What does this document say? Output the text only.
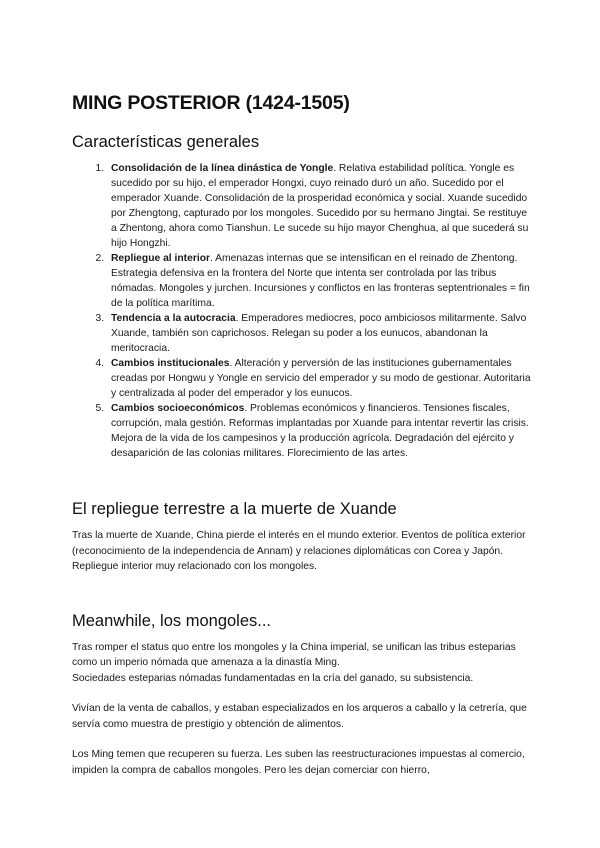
MING POSTERIOR (1424-1505)
Características generales
1. Consolidación de la línea dinástica de Yongle. Relativa estabilidad política. Yongle es sucedido por su hijo, el emperador Hongxi, cuyo reinado duró un año. Sucedido por el emperador Xuande. Consolidación de la prosperidad económica y social. Xuande sucedido por Zhengtong, capturado por los mongoles. Sucedido por su hermano Jingtai. Se restituye a Zhentong, ahora como Tianshun. Le sucede su hijo mayor Chenghua, al que sucederá su hijo Hongzhi.
2. Repliegue al interior. Amenazas internas que se intensifican en el reinado de Zhentong. Estrategia defensiva en la frontera del Norte que intenta ser controlada por las tribus nómadas. Mongoles y jurchen. Incursiones y conflictos en las fronteras septentrionales = fin de la política marítima.
3. Tendencia a la autocracia. Emperadores mediocres, poco ambiciosos militarmente. Salvo Xuande, también son caprichosos. Relegan su poder a los eunucos, abandonan la meritocracia.
4. Cambios institucionales. Alteración y perversión de las instituciones gubernamentales creadas por Hongwu y Yongle en servicio del emperador y su modo de gestionar. Autoritaria y centralizada al poder del emperador y los eunucos.
5. Cambios socioeconómicos. Problemas económicos y financieros. Tensiones fiscales, corrupción, mala gestión. Reformas implantadas por Xuande para intentar revertir las crisis. Mejora de la vida de los campesinos y la producción agrícola. Degradación del ejército y desaparición de las colonias militares. Florecimiento de las artes.
El repliegue terrestre a la muerte de Xuande

Tras la muerte de Xuande, China pierde el interés en el mundo exterior. Eventos de política exterior (reconocimiento de la independencia de Annam) y relaciones diplomáticas con Corea y Japón. Repliegue interior muy relacionado con los mongoles.

Meanwhile, los mongoles...

Tras romper el status quo entre los mongoles y la China imperial, se unifican las tribus esteparias como un imperio nómada que amenaza a la dinastía Ming.

Sociedades esteparias nómadas fundamentadas en la cría del ganado, su subsistencia.

Vivían de la venta de caballos, y estaban especializados en los arqueros a caballo y la cetrería, que servía como muestra de prestigio y obtención de alimentos.

Los Ming temen que recuperen su fuerza. Les suben las reestructuraciones impuestas al comercio, impiden la compra de caballos mongoles. Pero les dejan comerciar con hierro,
